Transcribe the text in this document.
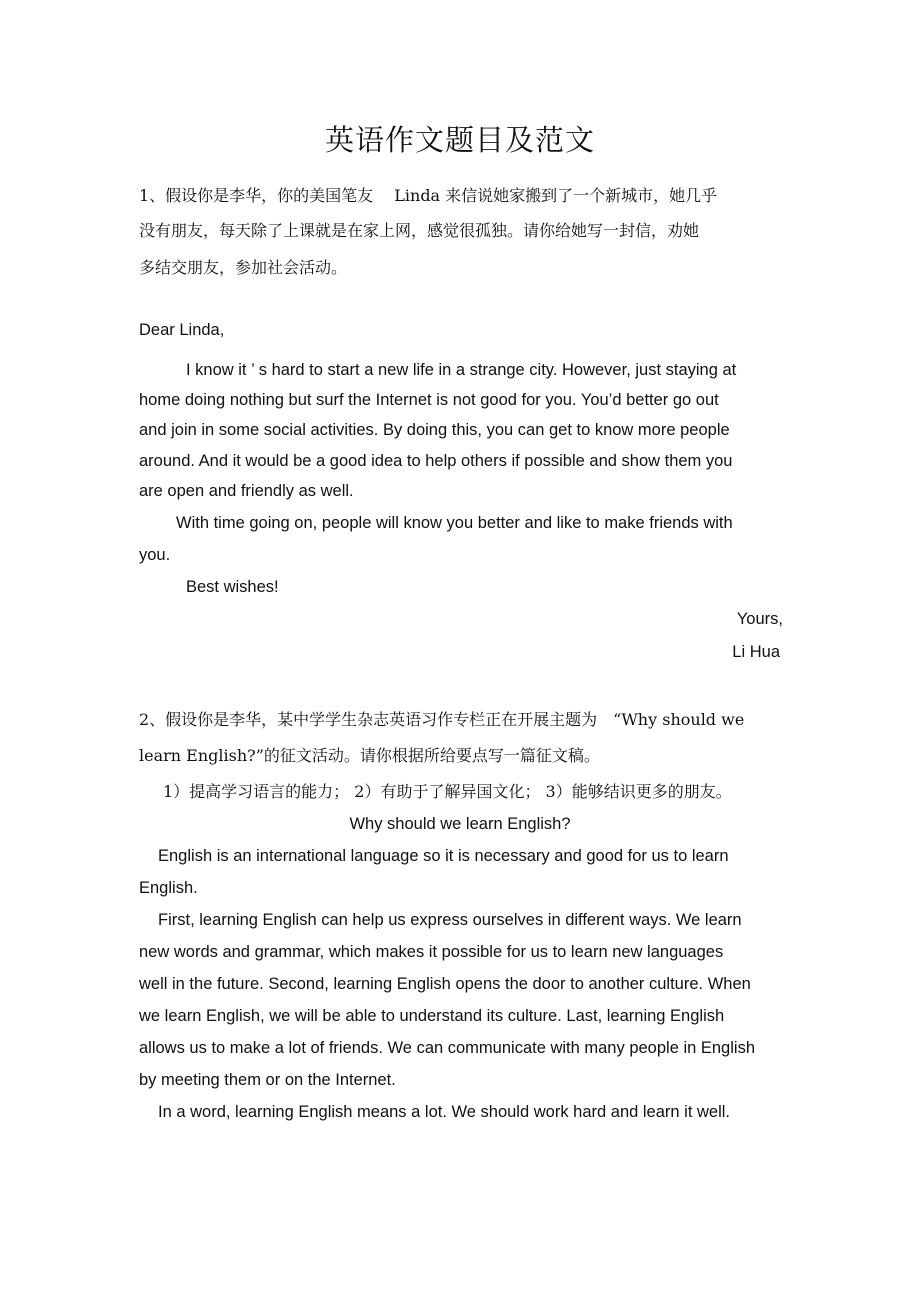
英语作文题目及范文
1、假设你是李华，你的美国笔友　 Linda 来信说她家搬到了一个新城市，她几乎
没有朋友，每天除了上课就是在家上网，感觉很孤独。请你给她写一封信，劝她
多结交朋友，参加社会活动。
Dear Linda,
I know it ’ s hard to start a new life in a strange city. However, just staying at
home doing nothing but surf the Internet is not good for you. You’d better go out
and join in some social activities. By doing this, you can get to know more people
around. And it would be a good idea to help others if possible and show them you
are open and friendly as well.
With time going on, people will know you better and like to make friends with
you.
Best wishes!
Yours,
Li Hua
2、假设你是李华，某中学学生杂志英语习作专栏正在开展主题为　“Why should we
learn English?”的征文活动。请你根据所给要点写一篇征文稿。
1）提高学习语言的能力； 2）有助于了解异国文化； 3）能够结识更多的朋友。
Why should we learn English?
English is an international language so it is necessary and good for us to learn
English.
First, learning English can help us express ourselves in different ways. We learn
new words and grammar, which makes it possible for us to learn new languages
well in the future. Second, learning English opens the door to another culture. When
we learn English, we will be able to understand its culture. Last, learning English
allows us to make a lot of friends. We can communicate with many people in English
by meeting them or on the Internet.
In a word, learning English means a lot. We should work hard and learn it well.
